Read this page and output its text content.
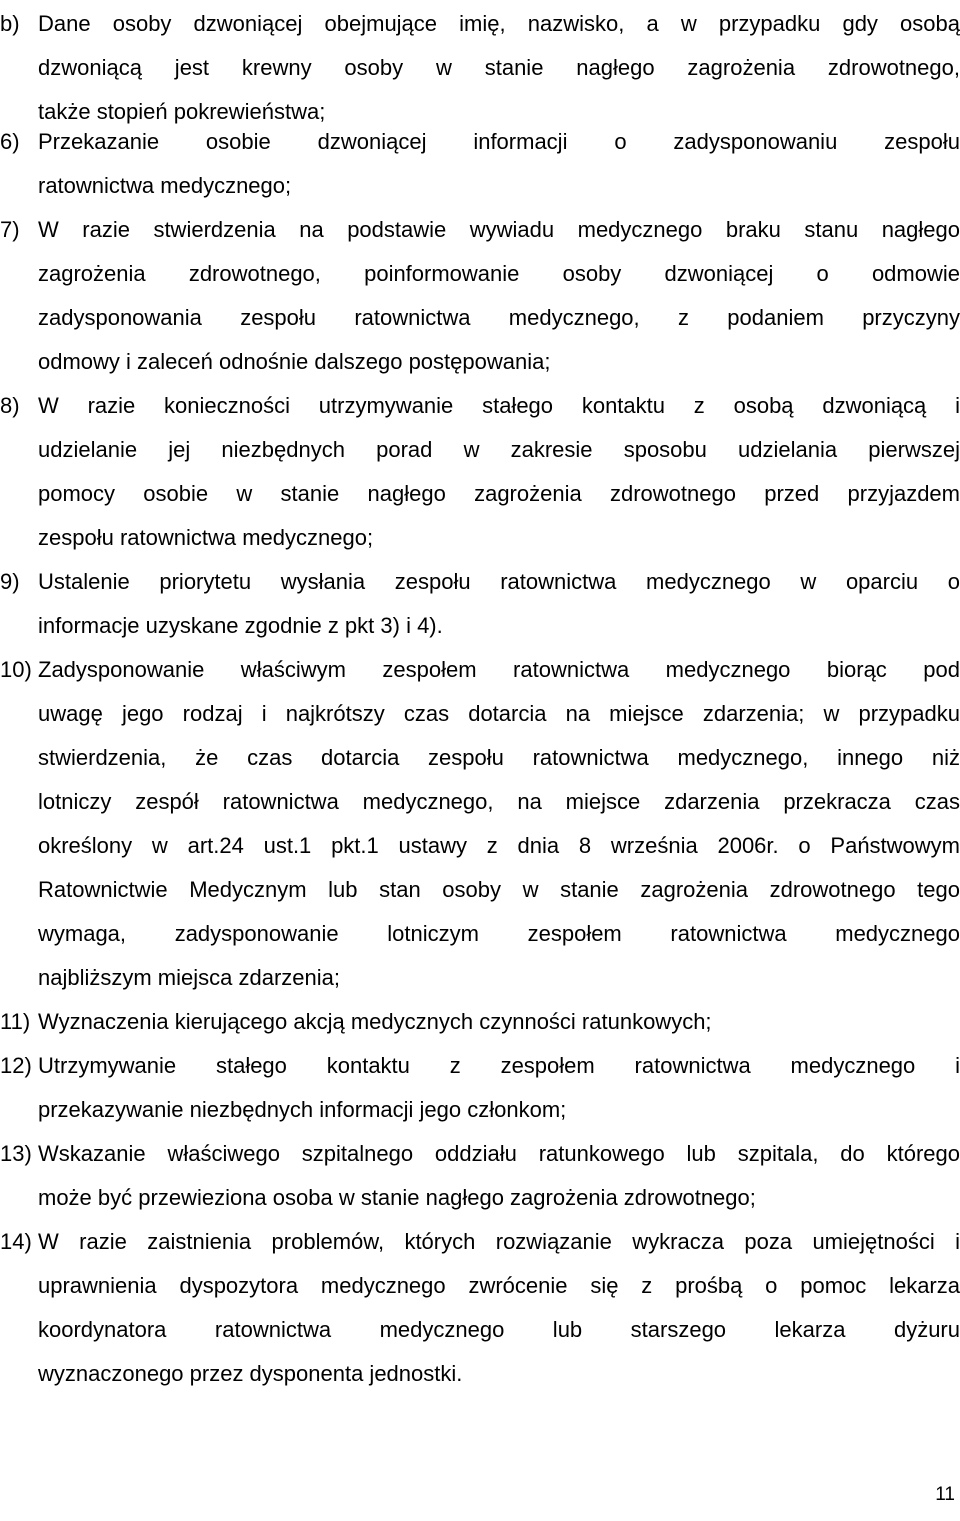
b) Dane osoby dzwoniącej obejmujące imię, nazwisko, a w przypadku gdy osobą
dzwoniącą jest krewny osoby w stanie nagłego zagrożenia zdrowotnego,
także stopień pokrewieństwa;
6) Przekazanie osobie dzwoniącej informacji o zadysponowaniu zespołu
ratownictwa medycznego;
7) W razie stwierdzenia na podstawie wywiadu medycznego braku stanu nagłego
zagrożenia zdrowotnego, poinformowanie osoby dzwoniącej o odmowie
zadysponowania zespołu ratownictwa medycznego, z podaniem przyczyny
odmowy i zaleceń odnośnie dalszego postępowania;
8) W razie konieczności utrzymywanie stałego kontaktu z osobą dzwoniącą i
udzielanie jej niezbędnych porad w zakresie sposobu udzielania pierwszej
pomocy osobie w stanie nagłego zagrożenia zdrowotnego przed przyjazdem
zespołu ratownictwa medycznego;
9) Ustalenie priorytetu wysłania zespołu ratownictwa medycznego w oparciu o
informacje uzyskane zgodnie z pkt 3) i 4).
10) Zadysponowanie właściwym zespołem ratownictwa medycznego biorąc pod
uwagę jego rodzaj i najkrótszy czas dotarcia na miejsce zdarzenia; w przypadku
stwierdzenia, że czas dotarcia zespołu ratownictwa medycznego, innego niż
lotniczy zespół ratownictwa medycznego, na miejsce zdarzenia przekracza czas
określony w art.24 ust.1 pkt.1 ustawy z dnia 8 września 2006r. o Państwowym
Ratownictwie Medycznym lub stan osoby w stanie zagrożenia zdrowotnego tego
wymaga, zadysponowanie lotniczym zespołem ratownictwa medycznego
najbliższym miejsca zdarzenia;
11) Wyznaczenia kierującego akcją medycznych czynności ratunkowych;
12) Utrzymywanie stałego kontaktu z zespołem ratownictwa medycznego i
przekazywanie niezbędnych informacji jego członkom;
13) Wskazanie właściwego szpitalnego oddziału ratunkowego lub szpitala, do którego
może być przewieziona osoba w stanie nagłego zagrożenia zdrowotnego;
14) W razie zaistnienia problemów, których rozwiązanie wykracza poza umiejętności i
uprawnienia dyspozytora medycznego zwrócenie się z prośbą o pomoc lekarza
koordynatora ratownictwa medycznego lub starszego lekarza dyżuru
wyznaczonego przez dysponenta jednostki.
11
